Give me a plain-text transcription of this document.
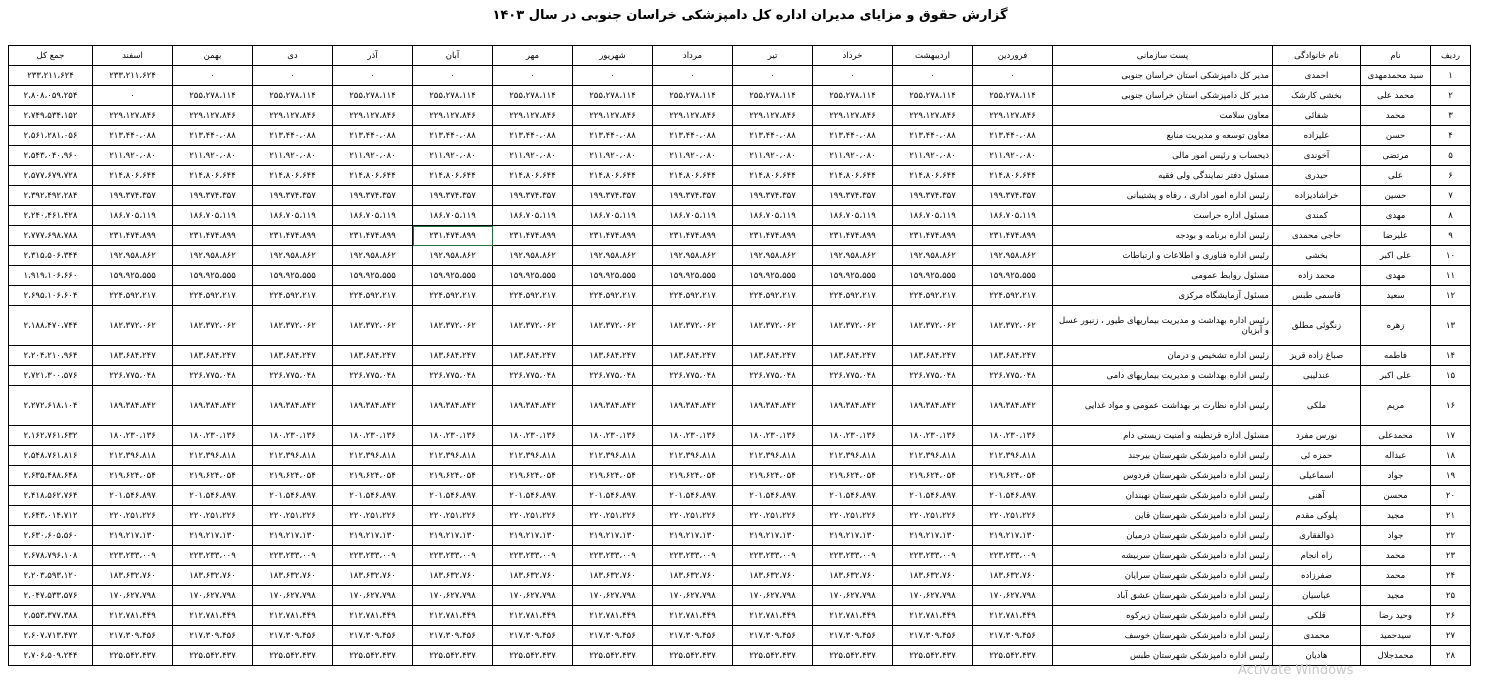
گزارش حقوق و مزایای مدیران اداره کل دامپزشکی خراسان جنوبی در سال ۱۴۰۳
ردیف	نام	نام خانوادگی	پست سازمانی	فروردین	اردیبهشت	خرداد	تیر	مرداد	شهریور	مهر	آبان	آذر	دی	بهمن	اسفند	جمع کل
۱	سید محمدمهدی	احمدی	مدیر کل دامپزشکی استان خراسان جنوبی	۰	۰	۰	۰	۰	۰	۰	۰	۰	۰	۰	۲۳۳،۲۱۱،۶۲۴	۲۳۳،۲۱۱،۶۲۴
۲	محمد علی	بخشی کارشک	مدیر کل دامپزشکی استان خراسان جنوبی	۲۵۵،۲۷۸،۱۱۴	۲۵۵،۲۷۸،۱۱۴	۲۵۵،۲۷۸،۱۱۴	۲۵۵،۲۷۸،۱۱۴	۲۵۵،۲۷۸،۱۱۴	۲۵۵،۲۷۸،۱۱۴	۲۵۵،۲۷۸،۱۱۴	۲۵۵،۲۷۸،۱۱۴	۲۵۵،۲۷۸،۱۱۴	۲۵۵،۲۷۸،۱۱۴	۲۵۵،۲۷۸،۱۱۴	۰	۲،۸۰۸،۰۵۹،۲۵۴
۳	محمد	شفائی	معاون سلامت	۲۲۹،۱۲۷،۸۴۶	۲۲۹،۱۲۷،۸۴۶	۲۲۹،۱۲۷،۸۴۶	۲۲۹،۱۲۷،۸۴۶	۲۲۹،۱۲۷،۸۴۶	۲۲۹،۱۲۷،۸۴۶	۲۲۹،۱۲۷،۸۴۶	۲۲۹،۱۲۷،۸۴۶	۲۲۹،۱۲۷،۸۴۶	۲۲۹،۱۲۷،۸۴۶	۲۲۹،۱۲۷،۸۴۶	۲۲۹،۱۲۷،۸۴۶	۲،۷۴۹،۵۳۴،۱۵۲
۴	حسن	علیزاده	معاون توسعه و مدیریت منابع	۲۱۳،۴۴۰،۰۸۸	۲۱۳،۴۴۰،۰۸۸	۲۱۳،۴۴۰،۰۸۸	۲۱۳،۴۴۰،۰۸۸	۲۱۳،۴۴۰،۰۸۸	۲۱۳،۴۴۰،۰۸۸	۲۱۳،۴۴۰،۰۸۸	۲۱۳،۴۴۰،۰۸۸	۲۱۳،۴۴۰،۰۸۸	۲۱۳،۴۴۰،۰۸۸	۲۱۳،۴۴۰،۰۸۸	۲۱۳،۴۴۰،۰۸۸	۲،۵۶۱،۲۸۱،۰۵۶
۵	مرتضی	آخوندی	ذیحساب و رئیس امور مالی	۲۱۱،۹۲۰،۰۸۰	۲۱۱،۹۲۰،۰۸۰	۲۱۱،۹۲۰،۰۸۰	۲۱۱،۹۲۰،۰۸۰	۲۱۱،۹۲۰،۰۸۰	۲۱۱،۹۲۰،۰۸۰	۲۱۱،۹۲۰،۰۸۰	۲۱۱،۹۲۰،۰۸۰	۲۱۱،۹۲۰،۰۸۰	۲۱۱،۹۲۰،۰۸۰	۲۱۱،۹۲۰،۰۸۰	۲۱۱،۹۲۰،۰۸۰	۲،۵۴۳،۰۴۰،۹۶۰
۶	علی	حیدری	مسئول دفتر نمایندگی ولی فقیه	۲۱۴،۸۰۶،۶۴۴	۲۱۴،۸۰۶،۶۴۴	۲۱۴،۸۰۶،۶۴۴	۲۱۴،۸۰۶،۶۴۴	۲۱۴،۸۰۶،۶۴۴	۲۱۴،۸۰۶،۶۴۴	۲۱۴،۸۰۶،۶۴۴	۲۱۴،۸۰۶،۶۴۴	۲۱۴،۸۰۶،۶۴۴	۲۱۴،۸۰۶،۶۴۴	۲۱۴،۸۰۶،۶۴۴	۲۱۴،۸۰۶،۶۴۴	۲،۵۷۷،۶۷۹،۷۲۸
۷	حسین	خراشادیزاده	رئیس اداره امور اداری ، رفاه و پشتیبانی	۱۹۹،۳۷۴،۳۵۷	۱۹۹،۳۷۴،۳۵۷	۱۹۹،۳۷۴،۳۵۷	۱۹۹،۳۷۴،۳۵۷	۱۹۹،۳۷۴،۳۵۷	۱۹۹،۳۷۴،۳۵۷	۱۹۹،۳۷۴،۳۵۷	۱۹۹،۳۷۴،۳۵۷	۱۹۹،۳۷۴،۳۵۷	۱۹۹،۳۷۴،۳۵۷	۱۹۹،۳۷۴،۳۵۷	۱۹۹،۳۷۴،۳۵۷	۲،۳۹۲،۴۹۲،۲۸۴
۸	مهدی	کمندی	مسئول اداره حراست	۱۸۶،۷۰۵،۱۱۹	۱۸۶،۷۰۵،۱۱۹	۱۸۶،۷۰۵،۱۱۹	۱۸۶،۷۰۵،۱۱۹	۱۸۶،۷۰۵،۱۱۹	۱۸۶،۷۰۵،۱۱۹	۱۸۶،۷۰۵،۱۱۹	۱۸۶،۷۰۵،۱۱۹	۱۸۶،۷۰۵،۱۱۹	۱۸۶،۷۰۵،۱۱۹	۱۸۶،۷۰۵،۱۱۹	۱۸۶،۷۰۵،۱۱۹	۲،۲۴۰،۴۶۱،۴۲۸
۹	علیرضا	حاجی محمدی	رئیس اداره برنامه و بودجه	۲۳۱،۴۷۴،۸۹۹	۲۳۱،۴۷۴،۸۹۹	۲۳۱،۴۷۴،۸۹۹	۲۳۱،۴۷۴،۸۹۹	۲۳۱،۴۷۴،۸۹۹	۲۳۱،۴۷۴،۸۹۹	۲۳۱،۴۷۴،۸۹۹	۲۳۱،۴۷۴،۸۹۹	۲۳۱،۴۷۴،۸۹۹	۲۳۱،۴۷۴،۸۹۹	۲۳۱،۴۷۴،۸۹۹	۲۳۱،۴۷۴،۸۹۹	۲،۷۷۷،۶۹۸،۷۸۸
۱۰	علی اکبر	بخشی	رئیس اداره فناوری و اطلاعات و ارتباطات	۱۹۲،۹۵۸،۸۶۲	۱۹۲،۹۵۸،۸۶۲	۱۹۲،۹۵۸،۸۶۲	۱۹۲،۹۵۸،۸۶۲	۱۹۲،۹۵۸،۸۶۲	۱۹۲،۹۵۸،۸۶۲	۱۹۲،۹۵۸،۸۶۲	۱۹۲،۹۵۸،۸۶۲	۱۹۲،۹۵۸،۸۶۲	۱۹۲،۹۵۸،۸۶۲	۱۹۲،۹۵۸،۸۶۲	۱۹۲،۹۵۸،۸۶۲	۲،۳۱۵،۵۰۶،۳۴۴
۱۱	مهدی	محمد زاده	مسئول روابط عمومی	۱۵۹،۹۲۵،۵۵۵	۱۵۹،۹۲۵،۵۵۵	۱۵۹،۹۲۵،۵۵۵	۱۵۹،۹۲۵،۵۵۵	۱۵۹،۹۲۵،۵۵۵	۱۵۹،۹۲۵،۵۵۵	۱۵۹،۹۲۵،۵۵۵	۱۵۹،۹۲۵،۵۵۵	۱۵۹،۹۲۵،۵۵۵	۱۵۹،۹۲۵،۵۵۵	۱۵۹،۹۲۵،۵۵۵	۱۵۹،۹۲۵،۵۵۵	۱،۹۱۹،۱۰۶،۶۶۰
۱۲	سعید	قاسمی طبس	مسئول آزمایشگاه مرکزی	۲۲۴،۵۹۲،۲۱۷	۲۲۴،۵۹۲،۲۱۷	۲۲۴،۵۹۲،۲۱۷	۲۲۴،۵۹۲،۲۱۷	۲۲۴،۵۹۲،۲۱۷	۲۲۴،۵۹۲،۲۱۷	۲۲۴،۵۹۲،۲۱۷	۲۲۴،۵۹۲،۲۱۷	۲۲۴،۵۹۲،۲۱۷	۲۲۴،۵۹۲،۲۱۷	۲۲۴،۵۹۲،۲۱۷	۲۲۴،۵۹۲،۲۱۷	۲،۶۹۵،۱۰۶،۶۰۴
۱۳	زهره	زنگوئی مطلق	رئیس اداره بهداشت و مدیریت بیماریهای طیور ، زنبور عسل و آبزیان	۱۸۲،۳۷۲،۰۶۲	۱۸۲،۳۷۲،۰۶۲	۱۸۲،۳۷۲،۰۶۲	۱۸۲،۳۷۲،۰۶۲	۱۸۲،۳۷۲،۰۶۲	۱۸۲،۳۷۲،۰۶۲	۱۸۲،۳۷۲،۰۶۲	۱۸۲،۳۷۲،۰۶۲	۱۸۲،۳۷۲،۰۶۲	۱۸۲،۳۷۲،۰۶۲	۱۸۲،۳۷۲،۰۶۲	۱۸۲،۳۷۲،۰۶۲	۲،۱۸۸،۴۷۰،۷۴۴
۱۴	فاطمه	صباغ زاده قریز	رئیس اداره تشخیص و درمان	۱۸۳،۶۸۴،۲۴۷	۱۸۳،۶۸۴،۲۴۷	۱۸۳،۶۸۴،۲۴۷	۱۸۳،۶۸۴،۲۴۷	۱۸۳،۶۸۴،۲۴۷	۱۸۳،۶۸۴،۲۴۷	۱۸۳،۶۸۴،۲۴۷	۱۸۳،۶۸۴،۲۴۷	۱۸۳،۶۸۴،۲۴۷	۱۸۳،۶۸۴،۲۴۷	۱۸۳،۶۸۴،۲۴۷	۱۸۳،۶۸۴،۲۴۷	۲،۲۰۴،۲۱۰،۹۶۴
۱۵	علی اکبر	عندلیبی	رئیس اداره بهداشت و مدیریت بیماریهای دامی	۲۲۶،۷۷۵،۰۴۸	۲۲۶،۷۷۵،۰۴۸	۲۲۶،۷۷۵،۰۴۸	۲۲۶،۷۷۵،۰۴۸	۲۲۶،۷۷۵،۰۴۸	۲۲۶،۷۷۵،۰۴۸	۲۲۶،۷۷۵،۰۴۸	۲۲۶،۷۷۵،۰۴۸	۲۲۶،۷۷۵،۰۴۸	۲۲۶،۷۷۵،۰۴۸	۲۲۶،۷۷۵،۰۴۸	۲۲۶،۷۷۵،۰۴۸	۲،۷۲۱،۳۰۰،۵۷۶
۱۶	مریم	ملکی	رئیس اداره نظارت بر بهداشت عمومی و مواد غذایی	۱۸۹،۳۸۴،۸۴۲	۱۸۹،۳۸۴،۸۴۲	۱۸۹،۳۸۴،۸۴۲	۱۸۹،۳۸۴،۸۴۲	۱۸۹،۳۸۴،۸۴۲	۱۸۹،۳۸۴،۸۴۲	۱۸۹،۳۸۴،۸۴۲	۱۸۹،۳۸۴،۸۴۲	۱۸۹،۳۸۴،۸۴۲	۱۸۹،۳۸۴،۸۴۲	۱۸۹،۳۸۴،۸۴۲	۱۸۹،۳۸۴،۸۴۲	۲،۲۷۲،۶۱۸،۱۰۴
۱۷	محمدعلی	نورس مفرد	مسئول اداره قرنطینه و امنیت زیستی دام	۱۸۰،۲۳۰،۱۳۶	۱۸۰،۲۳۰،۱۳۶	۱۸۰،۲۳۰،۱۳۶	۱۸۰،۲۳۰،۱۳۶	۱۸۰،۲۳۰،۱۳۶	۱۸۰،۲۳۰،۱۳۶	۱۸۰،۲۳۰،۱۳۶	۱۸۰،۲۳۰،۱۳۶	۱۸۰،۲۳۰،۱۳۶	۱۸۰،۲۳۰،۱۳۶	۱۸۰،۲۳۰،۱۳۶	۱۸۰،۲۳۰،۱۳۶	۲،۱۶۲،۷۶۱،۶۳۲
۱۸	عبداله	حمزه ئی	رئیس اداره دامپزشکی شهرستان بیرجند	۲۱۲،۳۹۶،۸۱۸	۲۱۲،۳۹۶،۸۱۸	۲۱۲،۳۹۶،۸۱۸	۲۱۲،۳۹۶،۸۱۸	۲۱۲،۳۹۶،۸۱۸	۲۱۲،۳۹۶،۸۱۸	۲۱۲،۳۹۶،۸۱۸	۲۱۲،۳۹۶،۸۱۸	۲۱۲،۳۹۶،۸۱۸	۲۱۲،۳۹۶،۸۱۸	۲۱۲،۳۹۶،۸۱۸	۲۱۲،۳۹۶،۸۱۸	۲،۵۴۸،۷۶۱،۸۱۶
۱۹	جواد	اسماعیلی	رئیس اداره دامپزشکی شهرستان فردوس	۲۱۹،۶۲۴،۰۵۴	۲۱۹،۶۲۴،۰۵۴	۲۱۹،۶۲۴،۰۵۴	۲۱۹،۶۲۴،۰۵۴	۲۱۹،۶۲۴،۰۵۴	۲۱۹،۶۲۴،۰۵۴	۲۱۹،۶۲۴،۰۵۴	۲۱۹،۶۲۴،۰۵۴	۲۱۹،۶۲۴،۰۵۴	۲۱۹،۶۲۴،۰۵۴	۲۱۹،۶۲۴،۰۵۴	۲۱۹،۶۲۴،۰۵۴	۲،۶۳۵،۴۸۸،۶۴۸
۲۰	محسن	آهنی	رئیس اداره دامپزشکی شهرستان نهبندان	۲۰۱،۵۴۶،۸۹۷	۲۰۱،۵۴۶،۸۹۷	۲۰۱،۵۴۶،۸۹۷	۲۰۱،۵۴۶،۸۹۷	۲۰۱،۵۴۶،۸۹۷	۲۰۱،۵۴۶،۸۹۷	۲۰۱،۵۴۶،۸۹۷	۲۰۱،۵۴۶،۸۹۷	۲۰۱،۵۴۶،۸۹۷	۲۰۱،۵۴۶،۸۹۷	۲۰۱،۵۴۶،۸۹۷	۲۰۱،۵۴۶،۸۹۷	۲،۴۱۸،۵۶۲،۷۶۴
۲۱	مجید	پلوکی مقدم	رئیس اداره دامپزشکی شهرستان قاین	۲۲۰،۲۵۱،۲۲۶	۲۲۰،۲۵۱،۲۲۶	۲۲۰،۲۵۱،۲۲۶	۲۲۰،۲۵۱،۲۲۶	۲۲۰،۲۵۱،۲۲۶	۲۲۰،۲۵۱،۲۲۶	۲۲۰،۲۵۱،۲۲۶	۲۲۰،۲۵۱،۲۲۶	۲۲۰،۲۵۱،۲۲۶	۲۲۰،۲۵۱،۲۲۶	۲۲۰،۲۵۱،۲۲۶	۲۲۰،۲۵۱،۲۲۶	۲،۶۴۳،۰۱۴،۷۱۲
۲۲	جواد	ذوالفقاری	رئیس اداره دامپزشکی شهرستان درمیان	۲۱۹،۲۱۷،۱۳۰	۲۱۹،۲۱۷،۱۳۰	۲۱۹،۲۱۷،۱۳۰	۲۱۹،۲۱۷،۱۳۰	۲۱۹،۲۱۷،۱۳۰	۲۱۹،۲۱۷،۱۳۰	۲۱۹،۲۱۷،۱۳۰	۲۱۹،۲۱۷،۱۳۰	۲۱۹،۲۱۷،۱۳۰	۲۱۹،۲۱۷،۱۳۰	۲۱۹،۲۱۷،۱۳۰	۲۱۹،۲۱۷،۱۳۰	۲،۶۳۰،۶۰۵،۵۶۰
۲۳	محمد	راه انجام	رئیس اداره دامپزشکی شهرستان سربیشه	۲۲۳،۲۳۳،۰۰۹	۲۲۳،۲۳۳،۰۰۹	۲۲۳،۲۳۳،۰۰۹	۲۲۳،۲۳۳،۰۰۹	۲۲۳،۲۳۳،۰۰۹	۲۲۳،۲۳۳،۰۰۹	۲۲۳،۲۳۳،۰۰۹	۲۲۳،۲۳۳،۰۰۹	۲۲۳،۲۳۳،۰۰۹	۲۲۳،۲۳۳،۰۰۹	۲۲۳،۲۳۳،۰۰۹	۲۲۳،۲۳۳،۰۰۹	۲،۶۷۸،۷۹۶،۱۰۸
۲۴	محمد	صفرزاده	رئیس اداره دامپزشکی شهرستان سرایان	۱۸۳،۶۳۲،۷۶۰	۱۸۳،۶۳۲،۷۶۰	۱۸۳،۶۳۲،۷۶۰	۱۸۳،۶۳۲،۷۶۰	۱۸۳،۶۳۲،۷۶۰	۱۸۳،۶۳۲،۷۶۰	۱۸۳،۶۳۲،۷۶۰	۱۸۳،۶۳۲،۷۶۰	۱۸۳،۶۳۲،۷۶۰	۱۸۳،۶۳۲،۷۶۰	۱۸۳،۶۳۲،۷۶۰	۱۸۳،۶۳۲،۷۶۰	۲،۲۰۳،۵۹۳،۱۲۰
۲۵	مجید	عباسیان	رئیس اداره دامپزشکی شهرستان عشق آباد	۱۷۰،۶۲۷،۷۹۸	۱۷۰،۶۲۷،۷۹۸	۱۷۰،۶۲۷،۷۹۸	۱۷۰،۶۲۷،۷۹۸	۱۷۰،۶۲۷،۷۹۸	۱۷۰،۶۲۷،۷۹۸	۱۷۰،۶۲۷،۷۹۸	۱۷۰،۶۲۷،۷۹۸	۱۷۰،۶۲۷،۷۹۸	۱۷۰،۶۲۷،۷۹۸	۱۷۰،۶۲۷،۷۹۸	۱۷۰،۶۲۷،۷۹۸	۲،۰۴۷،۵۳۳،۵۷۶
۲۶	وحید رضا	قلکی	رئیس اداره دامپزشکی شهرستان زیرکوه	۲۱۲،۷۸۱،۴۴۹	۲۱۲،۷۸۱،۴۴۹	۲۱۲،۷۸۱،۴۴۹	۲۱۲،۷۸۱،۴۴۹	۲۱۲،۷۸۱،۴۴۹	۲۱۲،۷۸۱،۴۴۹	۲۱۲،۷۸۱،۴۴۹	۲۱۲،۷۸۱،۴۴۹	۲۱۲،۷۸۱،۴۴۹	۲۱۲،۷۸۱،۴۴۹	۲۱۲،۷۸۱،۴۴۹	۲۱۲،۷۸۱،۴۴۹	۲،۵۵۳،۳۷۷،۳۸۸
۲۷	سیدحمید	محمدی	رئیس اداره دامپزشکی شهرستان خوسف	۲۱۷،۳۰۹،۴۵۶	۲۱۷،۳۰۹،۴۵۶	۲۱۷،۳۰۹،۴۵۶	۲۱۷،۳۰۹،۴۵۶	۲۱۷،۳۰۹،۴۵۶	۲۱۷،۳۰۹،۴۵۶	۲۱۷،۳۰۹،۴۵۶	۲۱۷،۳۰۹،۴۵۶	۲۱۷،۳۰۹،۴۵۶	۲۱۷،۳۰۹،۴۵۶	۲۱۷،۳۰۹،۴۵۶	۲۱۷،۳۰۹،۴۵۶	۲،۶۰۷،۷۱۳،۴۷۲
۲۸	محمدجلال	هادیان	رئیس اداره دامپزشکی شهرستان طبس	۲۲۵،۵۴۲،۴۳۷	۲۲۵،۵۴۲،۴۳۷	۲۲۵،۵۴۲،۴۳۷	۲۲۵،۵۴۲،۴۳۷	۲۲۵،۵۴۲،۴۳۷	۲۲۵،۵۴۲،۴۳۷	۲۲۵،۵۴۲،۴۳۷	۲۲۵،۵۴۲،۴۳۷	۲۲۵،۵۴۲،۴۳۷	۲۲۵،۵۴۲،۴۳۷	۲۲۵،۵۴۲،۴۳۷	۲۲۵،۵۴۲،۴۳۷	۲،۷۰۶،۵۰۹،۲۴۴
Activate Windows
